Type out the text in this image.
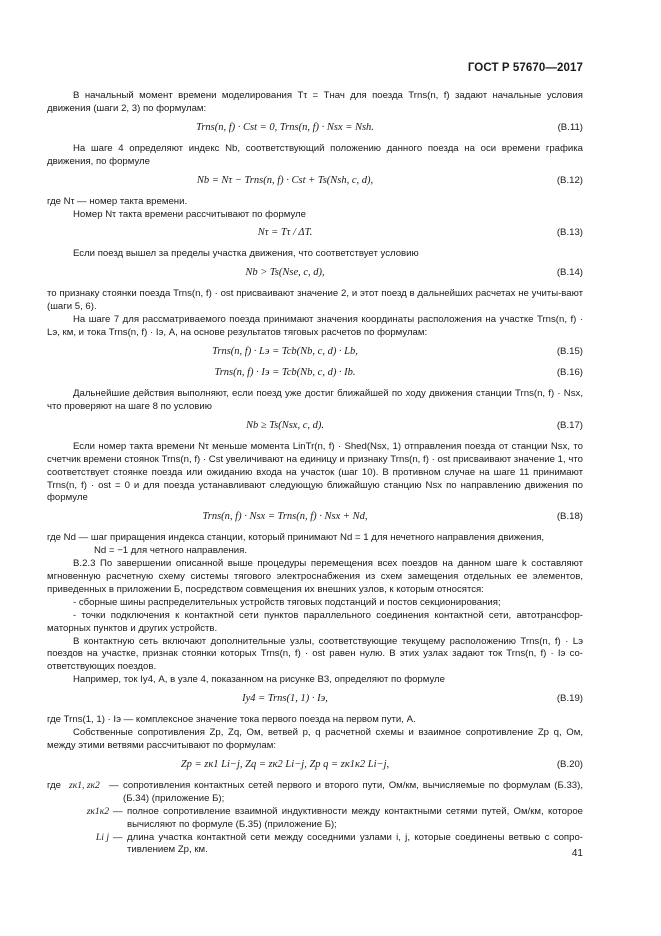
ГОСТ Р 57670—2017

В начальный момент времени моделирования Tτ = Tнач для поезда Trns(n, f) задают начальные условия движения (шаги 2, 3) по формулам:

Trns(n, f) · Cst = 0, Trns(n, f) · Nsx = Nsh.	(В.11)

На шаге 4 определяют индекс Nb, соответствующий положению данного поезда на оси времени графика движения, по формуле

Nb = Nτ − Trns(n, f) · Cst + Ts(Nsh, c, d),	(В.12)

где Nτ — номер такта времени.

Номер Nτ такта времени рассчитывают по формуле

Nτ = Tτ / ΔT.	(В.13)

Если поезд вышел за пределы участка движения, что соответствует условию

Nb > Ts(Nse, c, d),	(В.14)

то признаку стоянки поезда Trns(n, f) · ost присваивают значение 2, и этот поезд в дальнейших расчетах не учиты-вают (шаги 5, 6).

На шаге 7 для рассматриваемого поезда принимают значения координаты расположения на участке Trns(n, f) · Lэ, км, и тока Trns(n, f) · Iэ, А, на основе результатов тяговых расчетов по формулам:

Trns(n, f) · Lэ = Tcb(Nb, c, d) · Lb,	(В.15)
Trns(n, f) · Iэ = Tcb(Nb, c, d) · Ib.	(В.16)

Дальнейшие действия выполняют, если поезд уже достиг ближайшей по ходу движения станции Trns(n, f) · Nsx, что проверяют на шаге 8 по условию

Nb ≥ Ts(Nsx, c, d).	(В.17)

Если номер такта времени Nτ меньше момента LinTr(n, f) · Shed(Nsx, 1) отправления поезда от станции Nsx, то счетчик времени стоянок Trns(n, f) · Cst увеличивают на единицу и признаку Trns(n, f) · ost присваивают значение 1, что соответствует стоянке поезда или ожиданию входа на участок (шаг 10). В противном случае на шаге 11 принимают Trns(n, f) · ost = 0 и для поезда устанавливают следующую ближайшую станцию Nsx по направлению движения по формуле

Trns(n, f) · Nsx = Trns(n, f) · Nsx + Nd,	(В.18)

где Nd — шаг приращения индекса станции, который принимают Nd = 1 для нечетного направления движения,

Nd = −1 для четного направления.

В.2.3 По завершении описанной выше процедуры перемещения всех поездов на данном шаге k составляют мгновенную расчетную схему системы тягового электроснабжения из схем замещения отдельных ее элементов, приведенных в приложении Б, посредством совмещения их внешних узлов, к которым относятся:

- сборные шины распределительных устройств тяговых подстанций и постов секционирования;

- точки подключения к контактной сети пунктов параллельного соединения контактной сети, автотрансфор-маторных пунктов и других устройств.

В контактную сеть включают дополнительные узлы, соответствующие текущему расположению Trns(n, f) · Lэ поездов на участке, признак стоянки которых Trns(n, f) · ost равен нулю. В этих узлах задают ток Trns(n, f) · Iэ со-ответствующих поездов.

Например, ток Iу4, А, в узле 4, показанном на рисунке В3, определяют по формуле

Iу4 = Trns(1, 1) · Iэ,	(В.19)

где Trns(1, 1) · Iэ — комплексное значение тока первого поезда на первом пути, А.

Собственные сопротивления Zp, Zq, Ом, ветвей p, q расчетной схемы и взаимное сопротивление Zp q, Ом, между этими ветвями рассчитывают по формулам:

Zp = zк1 Li−j, Zq = zк2 Li−j, Zp q = zк1к2 Li−j,	(В.20)
где zк1, zк2 — сопротивления контактных сетей первого и второго пути, Ом/км, вычисляемые по формулам (Б.33), (Б.34) (приложение Б);
zк1к2 — полное сопротивление взаимной индуктивности между контактными сетями путей, Ом/км, которое вычисляют по формуле (Б.35) (приложение Б);
Li j — длина участка контактной сети между соседними узлами i, j, которые соединены ветвью с сопро-тивлением Zp, км.	41
